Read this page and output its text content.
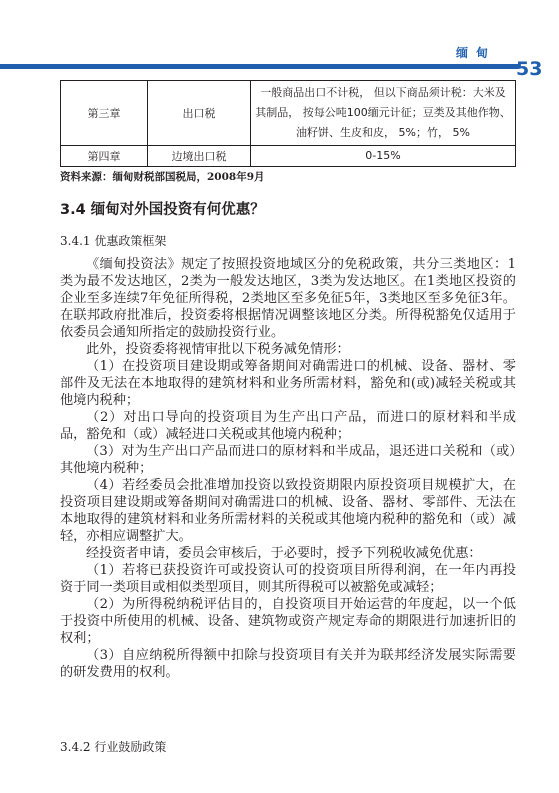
缅甸
53
第三章	出口税	一般商品出口不计税， 但以下商品须计税：大米及其制品， 按每公吨100缅元计征；豆类及其他作物、油籽饼、生皮和皮， 5%；竹， 5%
第四章	边境出口税	0-15%
资料来源：缅甸财税部国税局，2008年9月
3.4 缅甸对外国投资有何优惠？
3.4.1 优惠政策框架

《缅甸投资法》规定了按照投资地域区分的免税政策，共分三类地区：1类为最不发达地区，2类为一般发达地区，3类为发达地区。在1类地区投资的企业至多连续7年免征所得税，2类地区至多免征5年，3类地区至多免征3年。在联邦政府批准后，投资委将根据情况调整该地区分类。所得税豁免仅适用于依委员会通知所指定的鼓励投资行业。

此外，投资委将视情审批以下税务减免情形：

（1）在投资项目建设期或筹备期间对确需进口的机械、设备、器材、零部件及无法在本地取得的建筑材料和业务所需材料，豁免和(或)减轻关税或其他境内税种；

（2）对出口导向的投资项目为生产出口产品，而进口的原材料和半成品，豁免和（或）减轻进口关税或其他境内税种；

（3）对为生产出口产品而进口的原材料和半成品，退还进口关税和（或）其他境内税种；

（4）若经委员会批准增加投资以致投资期限内原投资项目规模扩大，在投资项目建设期或筹备期间对确需进口的机械、设备、器材、零部件、无法在本地取得的建筑材料和业务所需材料的关税或其他境内税种的豁免和（或）减轻，亦相应调整扩大。

经投资者申请，委员会审核后，于必要时，授予下列税收减免优惠：

（1）若将已获投资许可或投资认可的投资项目所得利润，在一年内再投资于同一类项目或相似类型项目，则其所得税可以被豁免或减轻；

（2）为所得税纳税评估目的，自投资项目开始运营的年度起，以一个低于投资中所使用的机械、设备、建筑物或资产规定寿命的期限进行加速折旧的权利；

（3）自应纳税所得额中扣除与投资项目有关并为联邦经济发展实际需要的研发费用的权利。

3.4.2 行业鼓励政策
